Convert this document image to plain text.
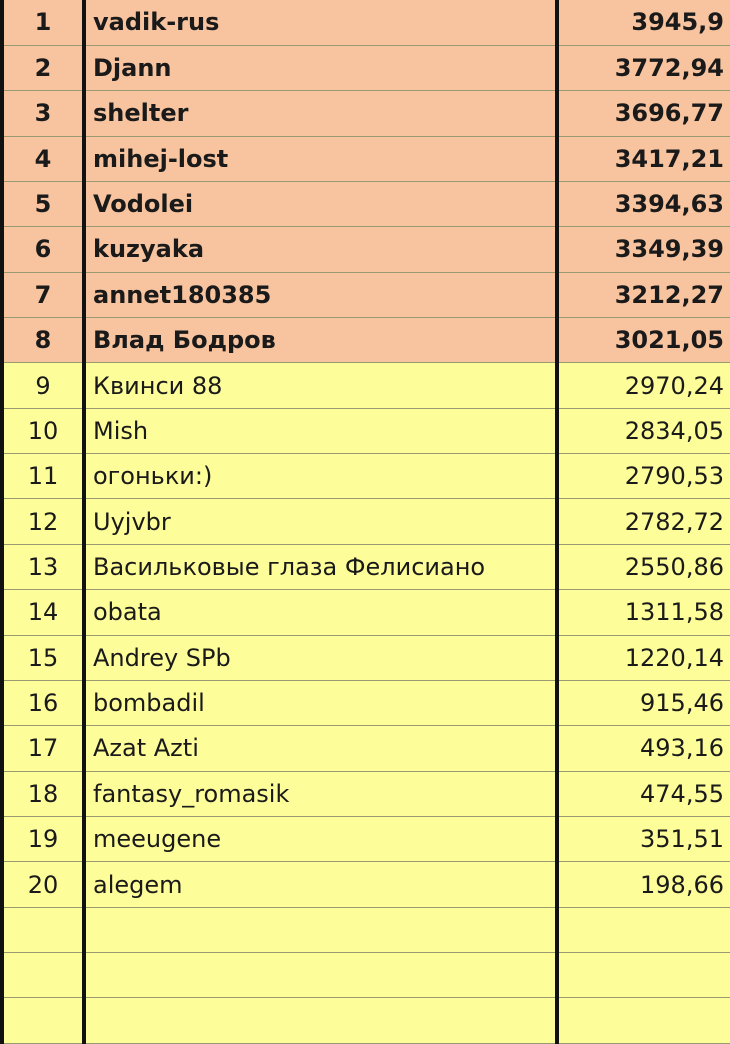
1	vadik-rus	3945,9
2	Djann	3772,94
3	shelter	3696,77
4	mihej-lost	3417,21
5	Vodolei	3394,63
6	kuzyaka	3349,39
7	annet180385	3212,27
8	Влад Бодров	3021,05
9	Квинси 88	2970,24
10	Mish	2834,05
11	огоньки:)	2790,53
12	Uyjvbr	2782,72
13	Васильковые глаза Фелисиано	2550,86
14	obata	1311,58
15	Andrey SPb	1220,14
16	bombadil	915,46
17	Azat Azti	493,16
18	fantasy_romasik	474,55
19	meeugene	351,51
20	alegem	198,66
